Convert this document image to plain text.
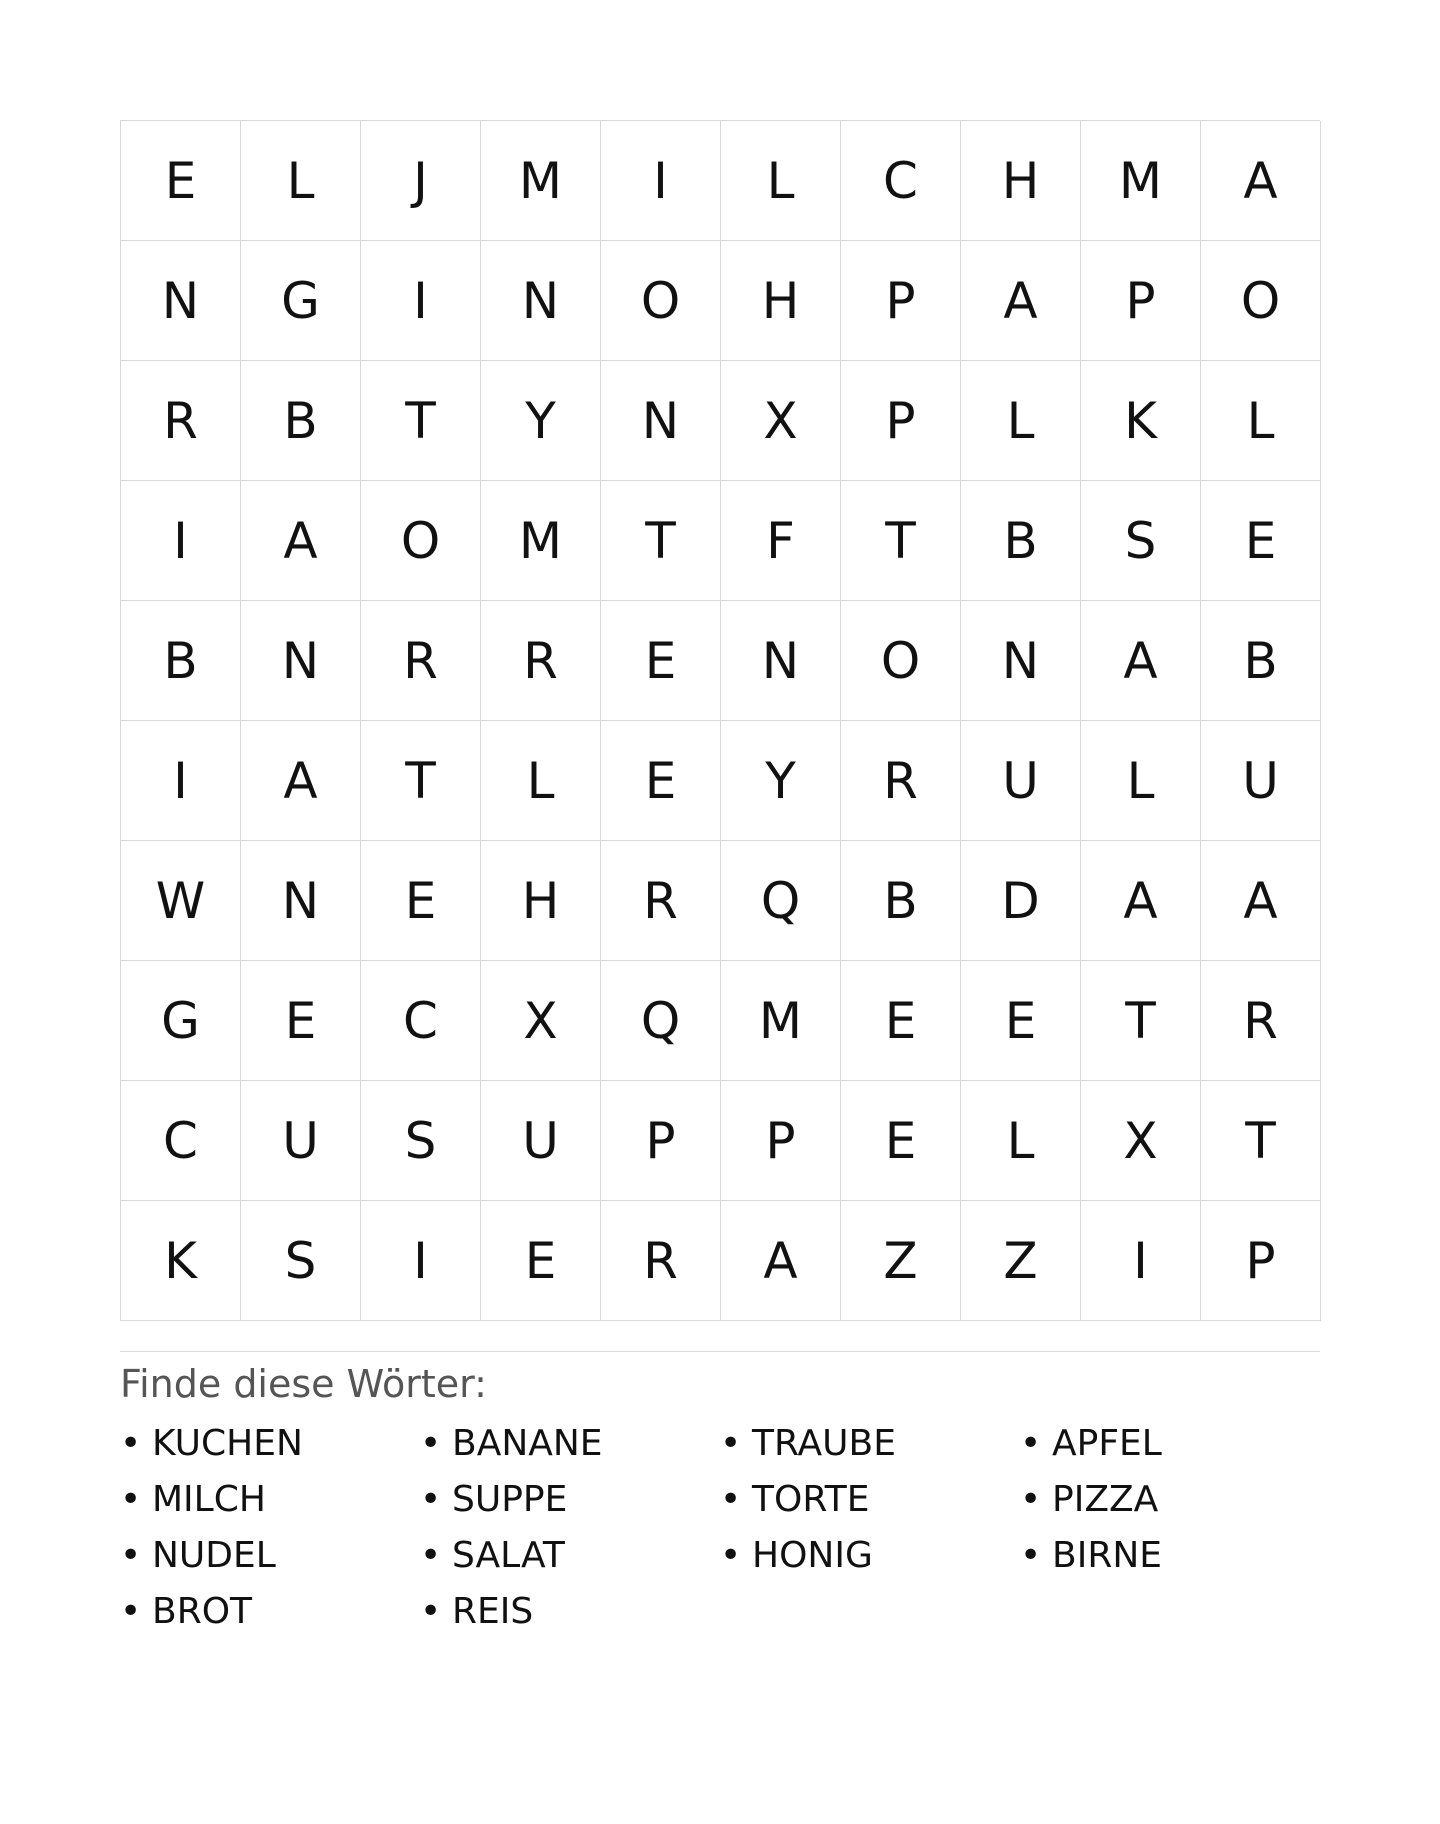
E	L	J	M	I	L	C	H	M	A
N	G	I	N	O	H	P	A	P	O
R	B	T	Y	N	X	P	L	K	L
I	A	O	M	T	F	T	B	S	E
B	N	R	R	E	N	O	N	A	B
I	A	T	L	E	Y	R	U	L	U
W	N	E	H	R	Q	B	D	A	A
G	E	C	X	Q	M	E	E	T	R
C	U	S	U	P	P	E	L	X	T
K	S	I	E	R	A	Z	Z	I	P
Finde diese Wörter:
• KUCHEN	• BANANE	• TRAUBE	• APFEL
• MILCH	• SUPPE	• TORTE	• PIZZA
• NUDEL	• SALAT	• HONIG	• BIRNE
• BROT	• REIS
